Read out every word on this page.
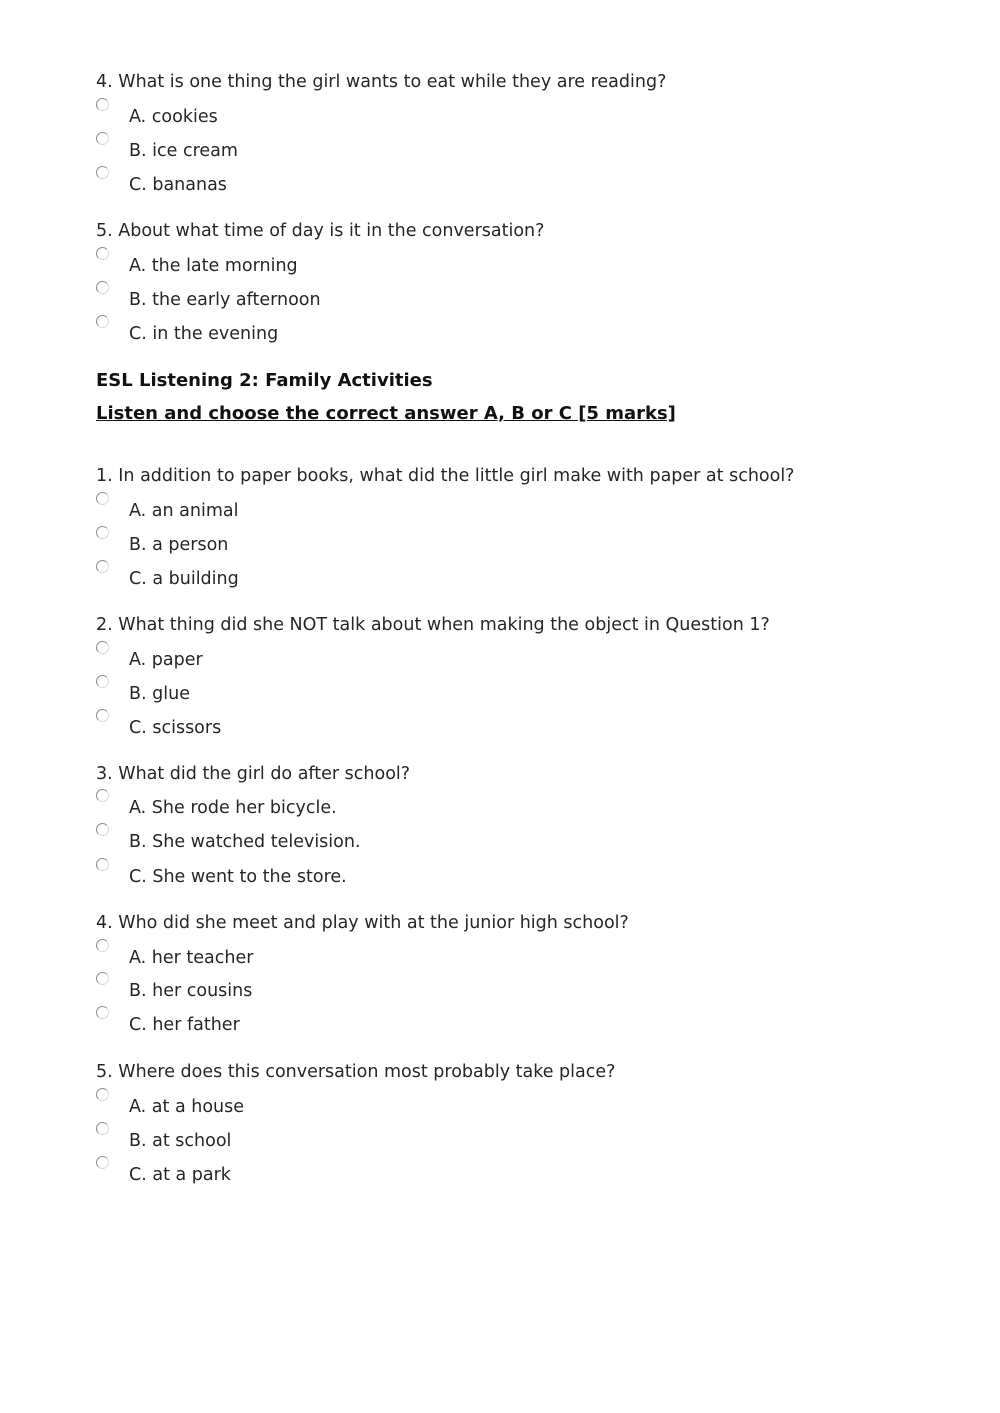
4. What is one thing the girl wants to eat while they are reading?
A. cookies
B. ice cream
C. bananas
5. About what time of day is it in the conversation?
A. the late morning
B. the early afternoon
C. in the evening
ESL Listening 2: Family Activities
Listen and choose the correct answer A, B or C [5 marks]
1. In addition to paper books, what did the little girl make with paper at school?
A. an animal
B. a person
C. a building
2. What thing did she NOT talk about when making the object in Question 1?
A. paper
B. glue
C. scissors
3. What did the girl do after school?
A. She rode her bicycle.
B. She watched television.
C. She went to the store.
4. Who did she meet and play with at the junior high school?
A. her teacher
B. her cousins
C. her father
5. Where does this conversation most probably take place?
A. at a house
B. at school
C. at a park
